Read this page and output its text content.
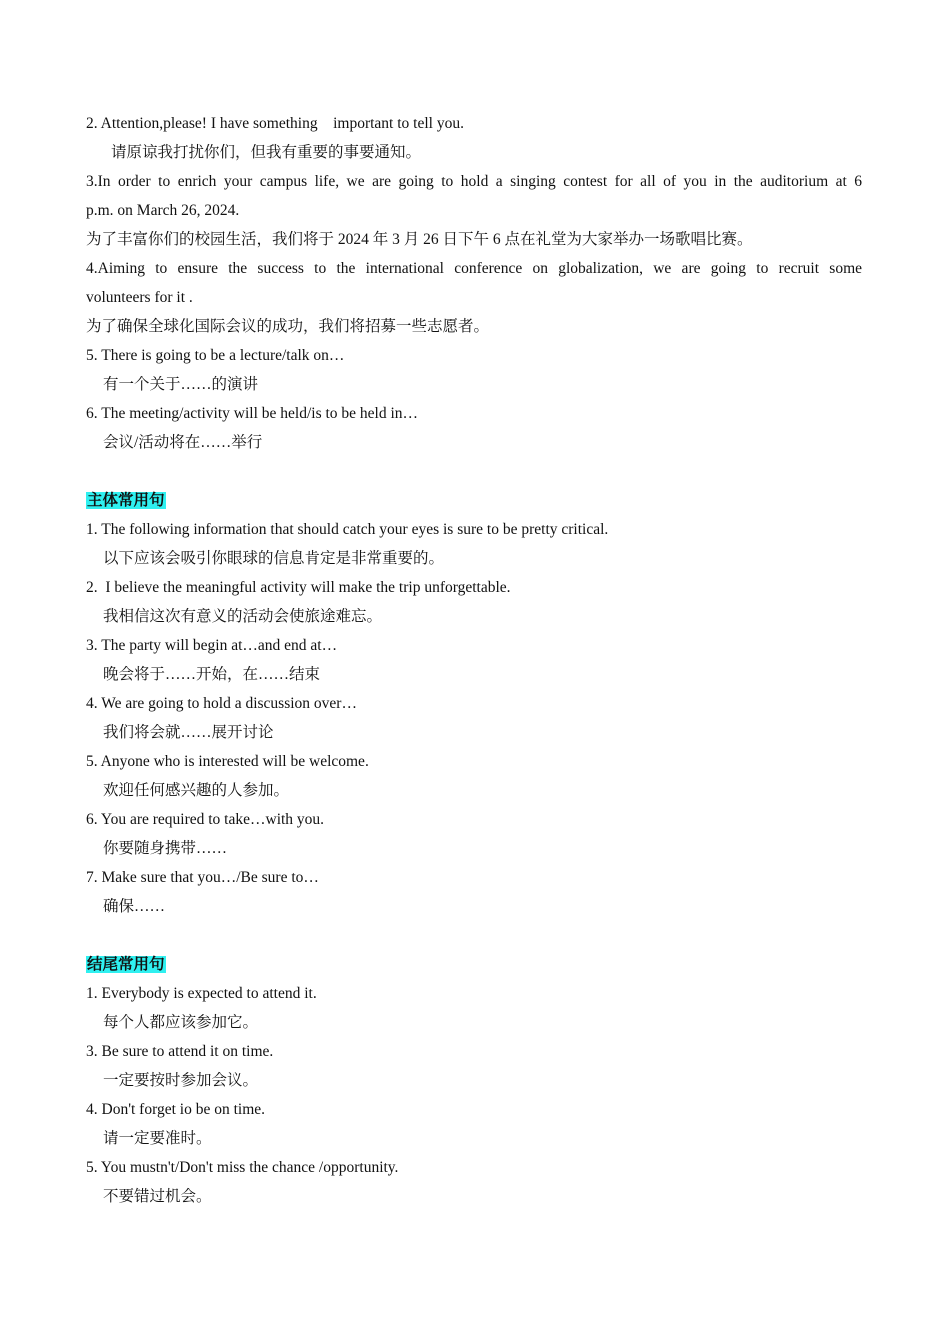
2. Attention,please! I have something    important to tell you.

请原谅我打扰你们，但我有重要的事要通知。

3.In order to enrich your campus life, we are going to hold a singing contest for all of you in the auditorium at 6

p.m. on March 26, 2024.

为了丰富你们的校园生活，我们将于 2024 年 3 月 26 日下午 6 点在礼堂为大家举办一场歌唱比赛。

4.Aiming to ensure the success to the international conference on globalization, we are going to recruit some

volunteers for it .

为了确保全球化国际会议的成功，我们将招募一些志愿者。

5. There is going to be a lecture/talk on…

有一个关于……的演讲

6. The meeting/activity will be held/is to be held in…

会议/活动将在……举行

主体常用句

1. The following information that should catch your eyes is sure to be pretty critical.

以下应该会吸引你眼球的信息肯定是非常重要的。

2.  I believe the meaningful activity will make the trip unforgettable.

我相信这次有意义的活动会使旅途难忘。

3. The party will begin at…and end at…

晚会将于……开始，在……结束

4. We are going to hold a discussion over…

我们将会就……展开讨论

5. Anyone who is interested will be welcome.

欢迎任何感兴趣的人参加。

6. You are required to take…with you.

你要随身携带……

7. Make sure that you…/Be sure to…

确保……

结尾常用句

1. Everybody is expected to attend it.

每个人都应该参加它。

3. Be sure to attend it on time.

一定要按时参加会议。

4. Don't forget io be on time.

请一定要准时。

5. You mustn't/Don't miss the chance /opportunity.

不要错过机会。
